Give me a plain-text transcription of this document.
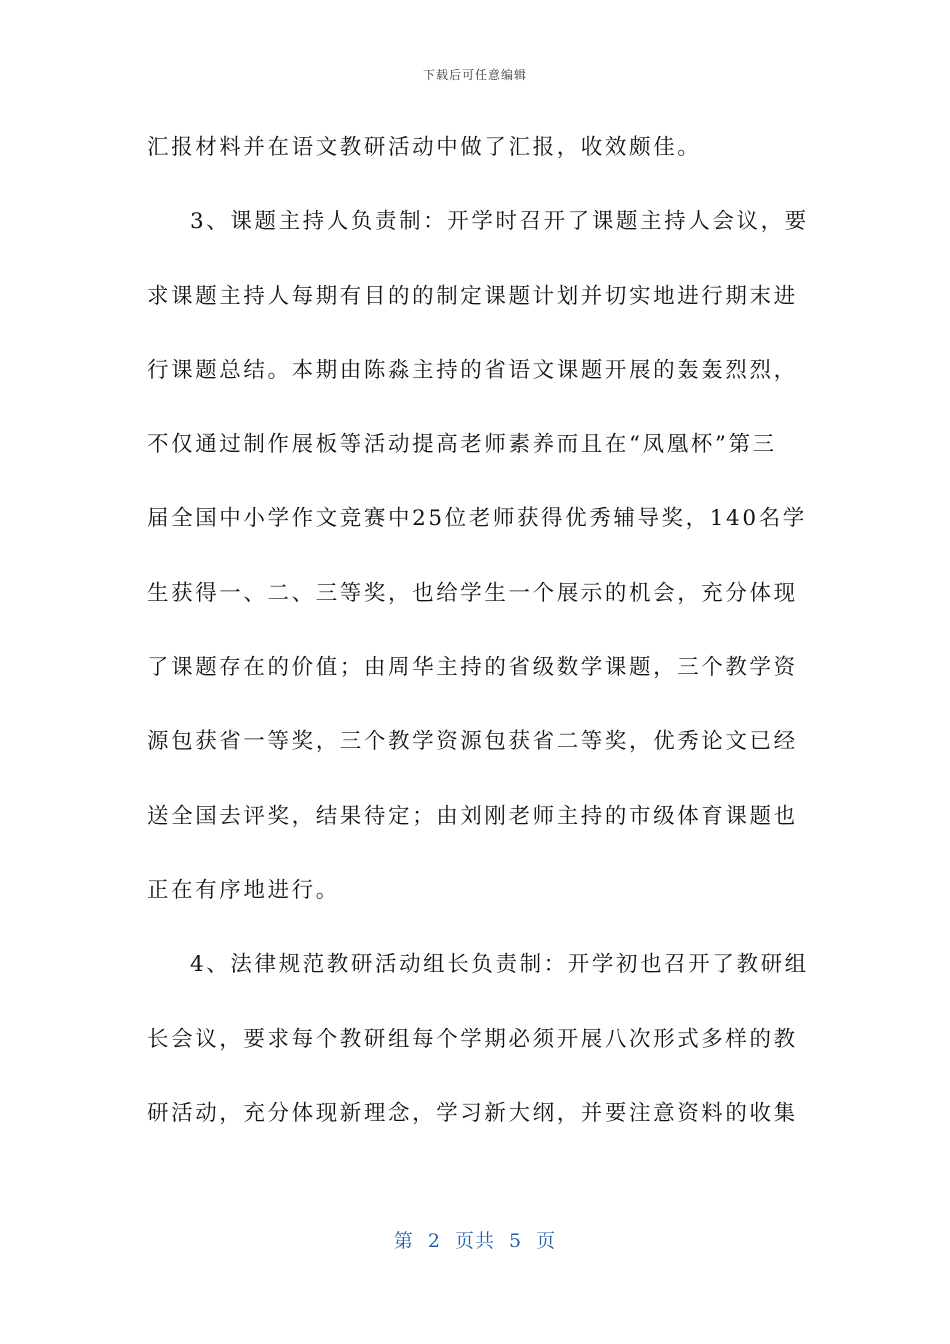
下载后可任意编辑
汇报材料并在语文教研活动中做了汇报，收效颇佳。
3、课题主持人负责制：开学时召开了课题主持人会议，要
求课题主持人每期有目的的制定课题计划并切实地进行期末进
行课题总结。本期由陈淼主持的省语文课题开展的轰轰烈烈，
不仅通过制作展板等活动提高老师素养而且在“凤凰杯”第三
届全国中小学作文竞赛中25位老师获得优秀辅导奖，140名学
生获得一、二、三等奖，也给学生一个展示的机会，充分体现
了课题存在的价值；由周华主持的省级数学课题，三个教学资
源包获省一等奖，三个教学资源包获省二等奖，优秀论文已经
送全国去评奖，结果待定；由刘刚老师主持的市级体育课题也
正在有序地进行。
4、法律规范教研活动组长负责制：开学初也召开了教研组
长会议，要求每个教研组每个学期必须开展八次形式多样的教
研活动，充分体现新理念，学习新大纲，并要注意资料的收集
第 2 页共 5 页
